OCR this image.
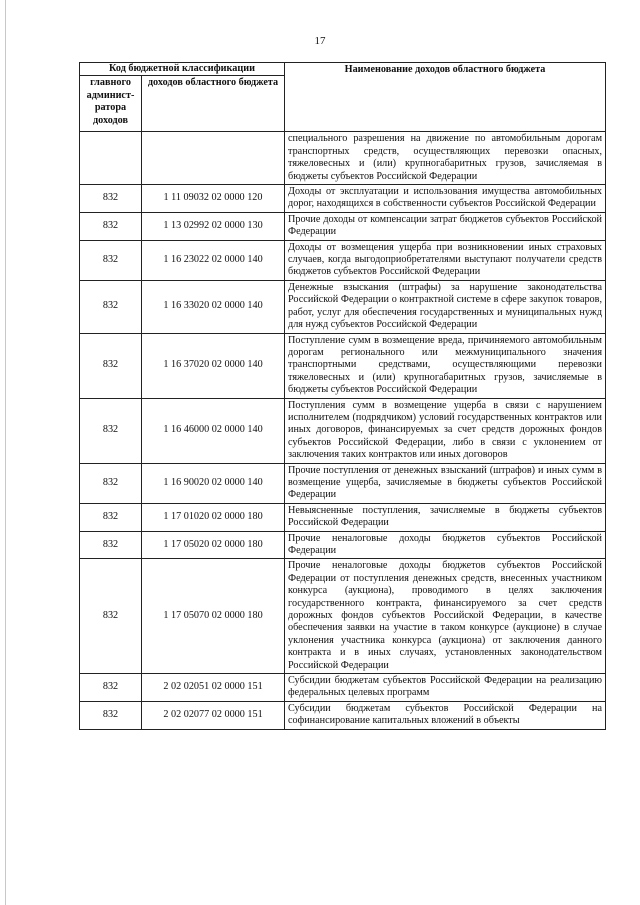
17
Код бюджетной классификации		Наименование доходов областного бюджета
главного админист-ратора доходов	доходов областного бюджета	
		специального разрешения на движение по автомобильным дорогам транспортных средств, осуществляющих перевозки опасных, тяжеловесных и (или) крупногабаритных грузов, зачисляемая в бюджеты субъектов Российской Федерации
832	1 11 09032 02 0000 120	Доходы от эксплуатации и использования имущества автомобильных дорог, находящихся в собственности субъектов Российской Федерации
832	1 13 02992 02 0000 130	Прочие доходы от компенсации затрат бюджетов субъектов Российской Федерации
832	1 16 23022 02 0000 140	Доходы от возмещения ущерба при возникновении иных страховых случаев, когда выгодоприобретателями выступают получатели средств бюджетов субъектов Российской Федерации
832	1 16 33020 02 0000 140	Денежные взыскания (штрафы) за нарушение законодательства Российской Федерации о контрактной системе в сфере закупок товаров, работ, услуг для обеспечения государственных и муниципальных нужд для нужд субъектов Российской Федерации
832	1 16 37020 02 0000 140	Поступление сумм в возмещение вреда, причиняемого автомобильным дорогам регионального или межмуниципального значения транспортными средствами, осуществляющими перевозки тяжеловесных и (или) крупногабаритных грузов, зачисляемые в бюджеты субъектов Российской Федерации
832	1 16 46000 02 0000 140	Поступления сумм в возмещение ущерба в связи с нарушением исполнителем (подрядчиком) условий государственных контрактов или иных договоров, финансируемых за счет средств дорожных фондов субъектов Российской Федерации, либо в связи с уклонением от заключения таких контрактов или иных договоров
832	1 16 90020 02 0000 140	Прочие поступления от денежных взысканий (штрафов) и иных сумм в возмещение ущерба, зачисляемые в бюджеты субъектов Российской Федерации
832	1 17 01020 02 0000 180	Невыясненные поступления, зачисляемые в бюджеты субъектов Российской Федерации
832	1 17 05020 02 0000 180	Прочие неналоговые доходы бюджетов субъектов Российской Федерации
832	1 17 05070 02 0000 180	Прочие неналоговые доходы бюджетов субъектов Российской Федерации от поступления денежных средств, внесенных участником конкурса (аукциона), проводимого в целях заключения государственного контракта, финансируемого за счет средств дорожных фондов субъектов Российской Федерации, в качестве обеспечения заявки на участие в таком конкурсе (аукционе) в случае уклонения участника конкурса (аукциона) от заключения данного контракта и в иных случаях, установленных законодательством Российской Федерации
832	2 02 02051 02 0000 151	Субсидии бюджетам субъектов Российской Федерации на реализацию федеральных целевых программ
832	2 02 02077 02 0000 151	Субсидии бюджетам субъектов Российской Федерации на софинансирование капитальных вложений в объекты
